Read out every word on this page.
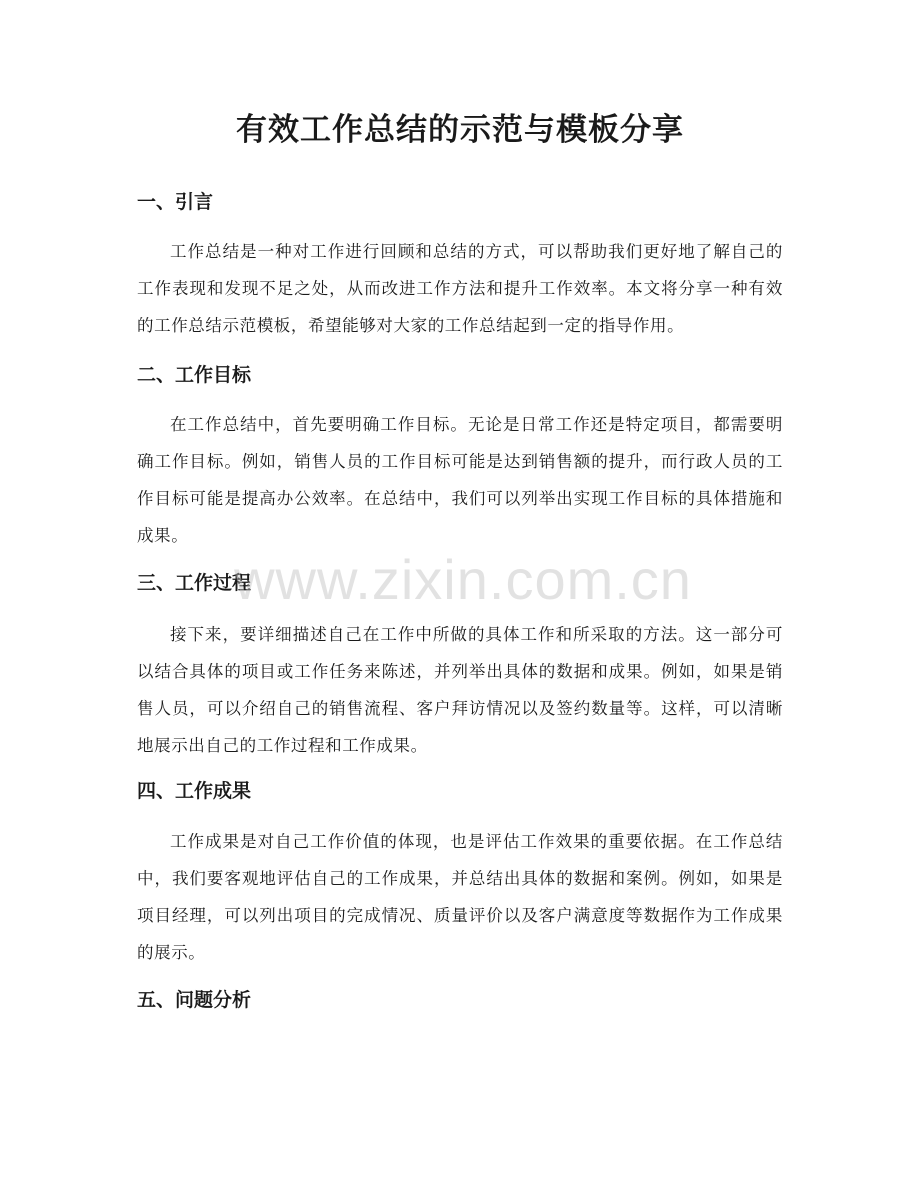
有效工作总结的示范与模板分享
一、引言

工作总结是一种对工作进行回顾和总结的方式，可以帮助我们更好地了解自己的工作表现和发现不足之处，从而改进工作方法和提升工作效率。本文将分享一种有效的工作总结示范模板，希望能够对大家的工作总结起到一定的指导作用。

二、工作目标

在工作总结中，首先要明确工作目标。无论是日常工作还是特定项目，都需要明确工作目标。例如，销售人员的工作目标可能是达到销售额的提升，而行政人员的工作目标可能是提高办公效率。在总结中，我们可以列举出实现工作目标的具体措施和成果。

三、工作过程

接下来，要详细描述自己在工作中所做的具体工作和所采取的方法。这一部分可以结合具体的项目或工作任务来陈述，并列举出具体的数据和成果。例如，如果是销售人员，可以介绍自己的销售流程、客户拜访情况以及签约数量等。这样，可以清晰地展示出自己的工作过程和工作成果。

四、工作成果

工作成果是对自己工作价值的体现，也是评估工作效果的重要依据。在工作总结中，我们要客观地评估自己的工作成果，并总结出具体的数据和案例。例如，如果是项目经理，可以列出项目的完成情况、质量评价以及客户满意度等数据作为工作成果的展示。

五、问题分析
www.zixin.com.cn
